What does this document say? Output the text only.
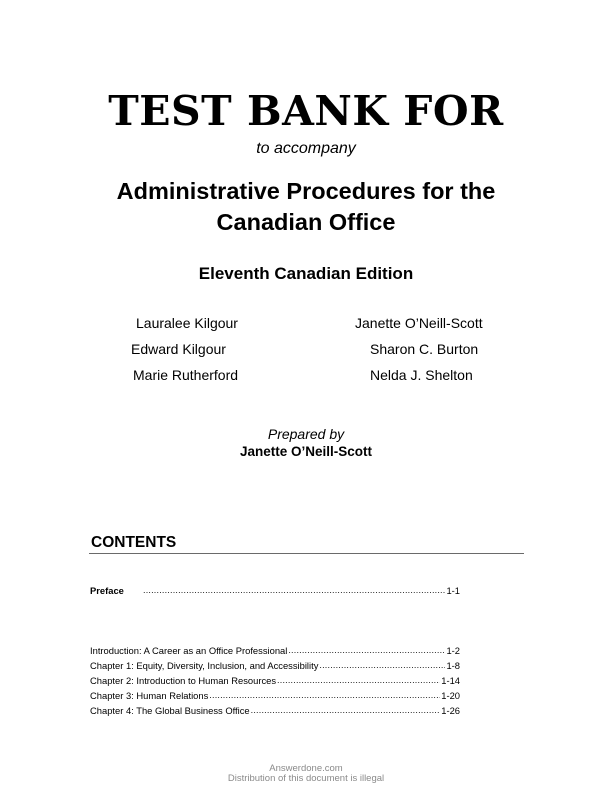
TEST BANK FOR
to accompany
Administrative Procedures for the
Canadian Office
Eleventh Canadian Edition
Lauralee Kilgour
Edward Kilgour
Marie Rutherford
Janette O’Neill-Scott
Sharon C. Burton
Nelda J. Shelton
Prepared by
Janette O’Neill-Scott
CONTENTS
Preface .....	1-1
Introduction: A Career as an Office Professional .....	1-2
Chapter 1: Equity, Diversity, Inclusion, and Accessibility .....	1-8
Chapter 2: Introduction to Human Resources .....	1-14
Chapter 3: Human Relations .....	1-20
Chapter 4: The Global Business Office .....	1-26
Answerdone.com
Distribution of this document is illegal
